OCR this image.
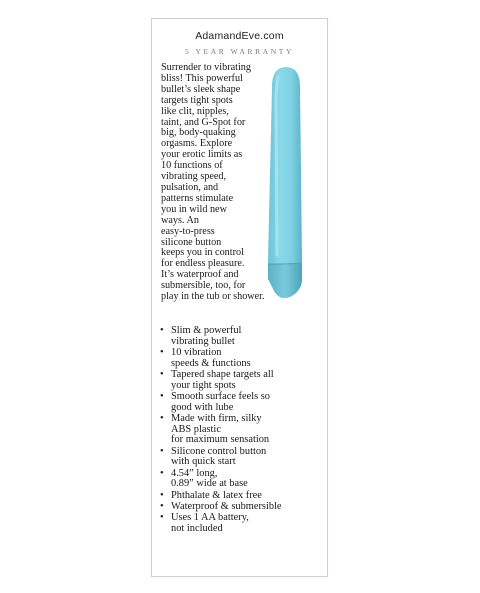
AdamandEve.com
5 YEAR WARRANTY
Surrender to vibrating
bliss! This powerful
bullet’s sleek shape
targets tight spots
like clit, nipples,
taint, and G-Spot for
big, body-quaking
orgasms. Explore
your erotic limits as
10 functions of
vibrating speed,
pulsation, and
patterns stimulate
you in wild new
ways. An
easy-to-press
silicone button
keeps you in control
for endless pleasure.
It’s waterproof and
submersible, too, for
play in the tub or shower.
• Slim & powerful
vibrating bullet
• 10 vibration
speeds & functions
• Tapered shape targets all
your tight spots
• Smooth surface feels so
good with lube
• Made with firm, silky
ABS plastic
for maximum sensation
• Silicone control button
with quick start
• 4.54” long,
0.89” wide at base
• Phthalate & latex free
• Waterproof & submersible
• Uses 1 AA battery,
not included
